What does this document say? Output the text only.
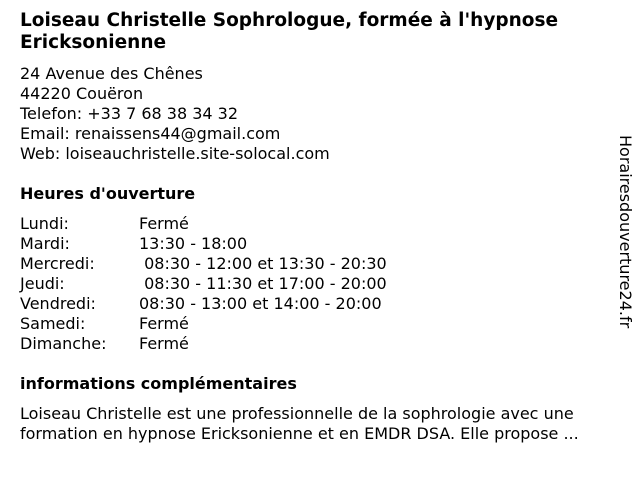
Loiseau Christelle Sophrologue, formée à l'hypnose Ericksonienne
24 Avenue des Chênes
44220 Couëron
Telefon: +33 7 68 38 34 32
Email: renaissens44@gmail.com
Web: loiseauchristelle.site-solocal.com
Heures d'ouverture
Lundi:	Fermé
Mardi:	13:30 - 18:00
Mercredi:	08:30 - 12:00 et 13:30 - 20:30
Jeudi:	08:30 - 11:30 et 17:00 - 20:00
Vendredi:	08:30 - 13:00 et 14:00 - 20:00
Samedi:	Fermé
Dimanche: Fermé
informations complémentaires

Loiseau Christelle est une professionnelle de la sophrologie avec une formation en hypnose Ericksonienne et en EMDR DSA. Elle propose ...

Horairesdouverture24.fr
